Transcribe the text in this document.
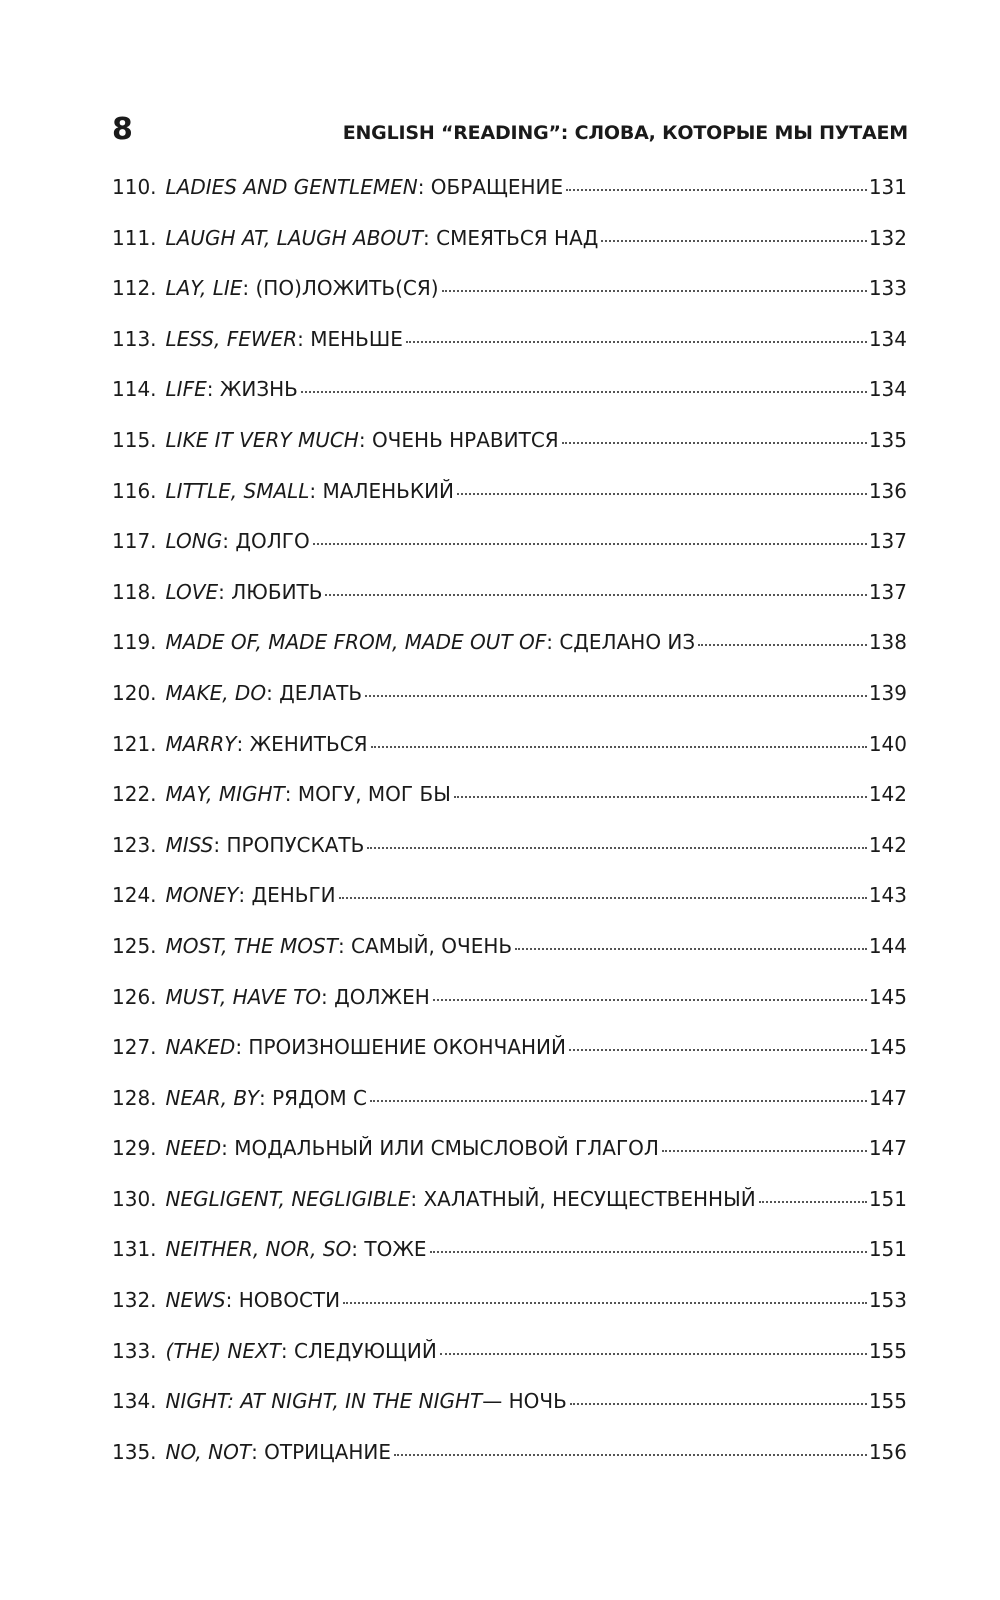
8	ENGLISH “READING”: СЛОВА, КОТОРЫЕ МЫ ПУТАЕМ
110. LADIES AND GENTLEMEN : ОБРАЩЕНИЕ	131
111. LAUGH AT, LAUGH ABOUT : СМЕЯТЬСЯ НАД	132
112. LAY, LIE : (ПО)ЛОЖИТЬ(СЯ)	133
113. LESS, FEWER : МЕНЬШЕ	134
114. LIFE : ЖИЗНЬ	134
115. LIKE IT VERY MUCH : ОЧЕНЬ НРАВИТСЯ	135
116. LITTLE, SMALL : МАЛЕНЬКИЙ	136
117. LONG : ДОЛГО	137
118. LOVE : ЛЮБИТЬ	137
119. MADE OF, MADE FROM, MADE OUT OF : СДЕЛАНО ИЗ	138
120. MAKE, DO : ДЕЛАТЬ	139
121. MARRY : ЖЕНИТЬСЯ	140
122. MAY, MIGHT : МОГУ, МОГ БЫ	142
123. MISS : ПРОПУСКАТЬ	142
124. MONEY : ДЕНЬГИ	143
125. MOST, THE MOST : САМЫЙ, ОЧЕНЬ	144
126. MUST, HAVE TO : ДОЛЖЕН	145
127. NAKED : ПРОИЗНОШЕНИЕ ОКОНЧАНИЙ	145
128. NEAR, BY : РЯДОМ С	147
129. NEED : МОДАЛЬНЫЙ ИЛИ СМЫСЛОВОЙ ГЛАГОЛ	147
130. NEGLIGENT, NEGLIGIBLE : ХАЛАТНЫЙ, НЕСУЩЕСТВЕННЫЙ	151
131. NEITHER, NOR, SO : ТОЖЕ	151
132. NEWS : НОВОСТИ	153
133. (THE) NEXT : СЛЕДУЮЩИЙ	155
134. NIGHT: AT NIGHT, IN THE NIGHT — НОЧЬ	155
135. NO, NOT : ОТРИЦАНИЕ	156
